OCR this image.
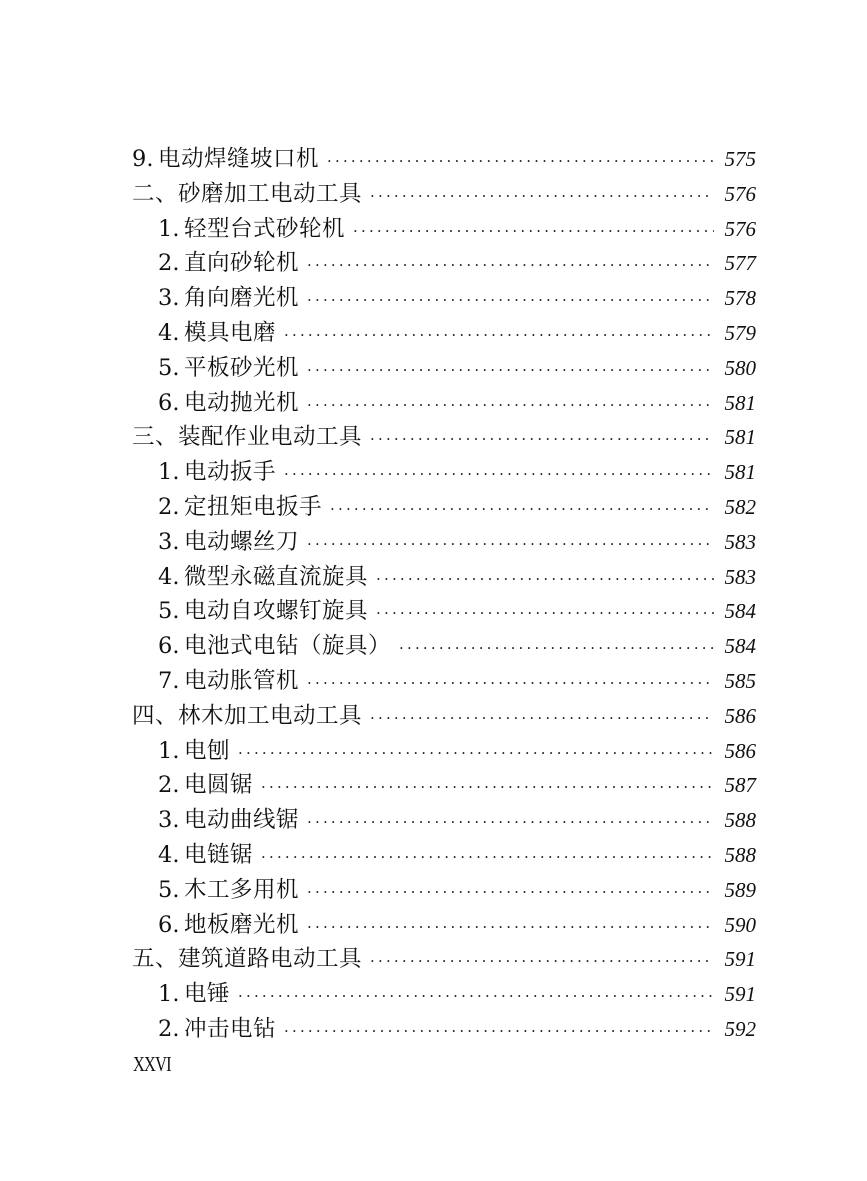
9. 电动焊缝坡口机 ·····	575
二、砂磨加工电动工具 ·····	576
1. 轻型台式砂轮机 ·····	576
2. 直向砂轮机 ·····	577
3. 角向磨光机 ·····	578
4. 模具电磨 ·····	579
5. 平板砂光机 ·····	580
6. 电动抛光机 ·····	581
三、装配作业电动工具 ·····	581
1. 电动扳手 ·····	581
2. 定扭矩电扳手 ·····	582
3. 电动螺丝刀 ·····	583
4. 微型永磁直流旋具 ·····	583
5. 电动自攻螺钉旋具 ·····	584
6. 电池式电钻（旋具） ·····	584
7. 电动胀管机 ·····	585
四、林木加工电动工具 ·····	586
1. 电刨 ·····	586
2. 电圆锯 ·····	587
3. 电动曲线锯 ·····	588
4. 电链锯 ·····	588
5. 木工多用机 ·····	589
6. 地板磨光机 ·····	590
五、建筑道路电动工具 ·····	591
1. 电锤 ·····	591
2. 冲击电钻 ·····	592
XXVI
